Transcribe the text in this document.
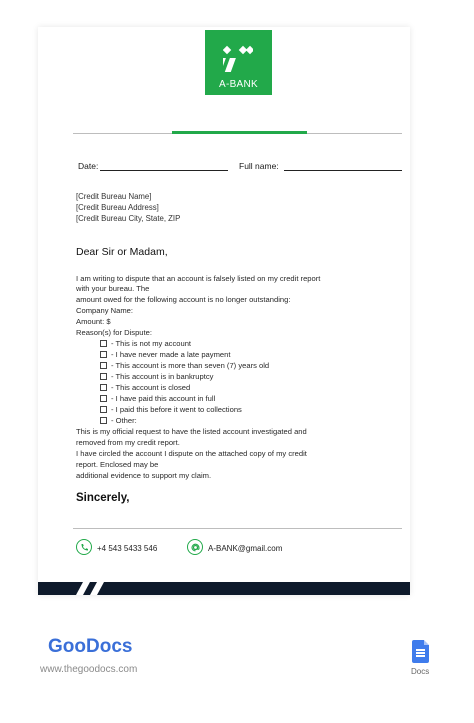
A-BANK
Date:	Full name:
[Credit Bureau Name]
[Credit Bureau Address]
[Credit Bureau City, State, ZIP
Dear Sir or Madam,
I am writing to dispute that an account is falsely listed on my credit report
with your bureau. The
amount owed for the following account is no longer outstanding:
Company Name:
Amount: $
Reason(s) for Dispute:
- This is not my account
- I have never made a late payment
- This account is more than seven (7) years old
- This account is in bankruptcy
- This account is closed
- I have paid this account in full
- I paid this before it went to collections
- Other:
This is my official request to have the listed account investigated and
removed from my credit report.
I have circled the account I dispute on the attached copy of my credit
report. Enclosed may be
additional evidence to support my claim.
Sincerely,
+4 543 5433 546	A-BANK@gmail.com
GooDocs
www.thegoodocs.com	Docs
